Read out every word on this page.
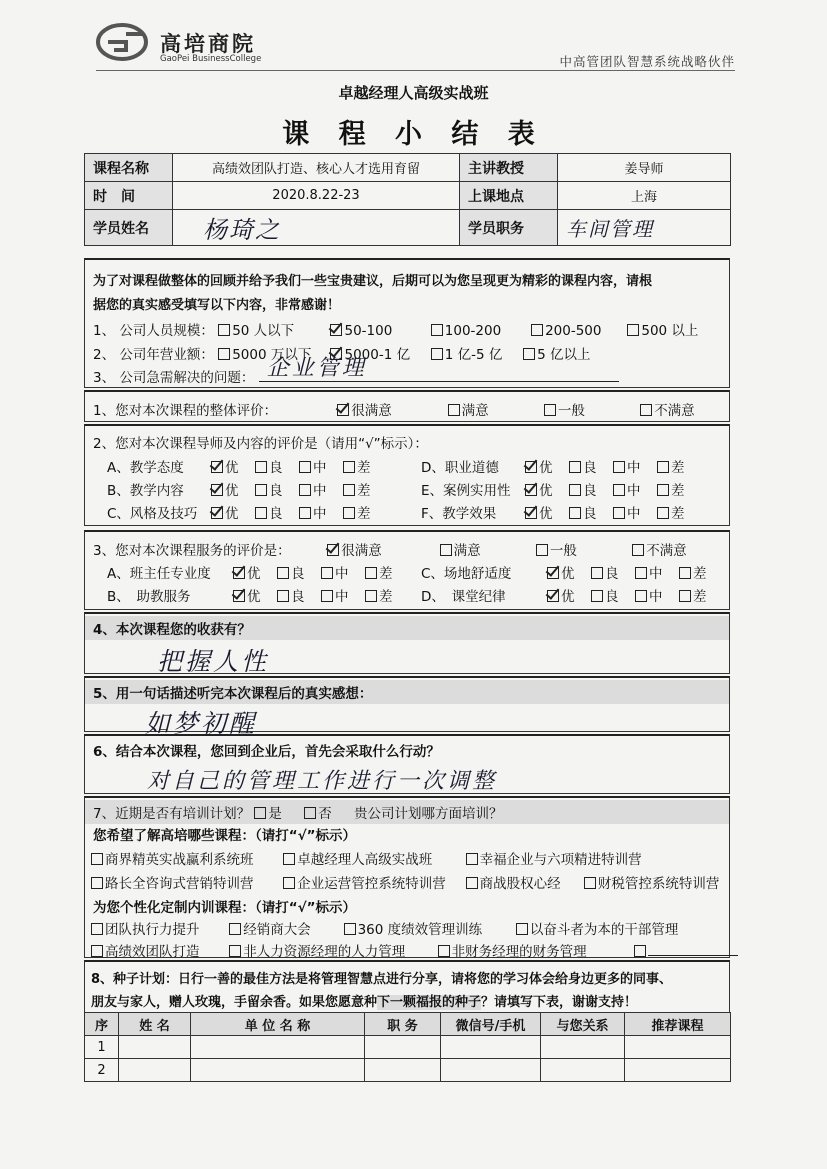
高培商院
GaoPei BusinessCollege	中高管团队智慧系统战略伙伴
卓越经理人高级实战班
课 程 小 结 表
课程名称	高绩效团队打造、核心人才选用育留	主讲教授	姜导师
时　间	2020.8.22-23	上课地点	上海
学员姓名	杨琦之	学员职务	车间管理
为了对课程做整体的回顾并给予我们一些宝贵建议，后期可以为您呈现更为精彩的课程内容，请根
据您的真实感受填写以下内容，非常感谢！
1、 公司人员规模： 50 人以下	50-100	100-200	200-500	500 以上
2、 公司年营业额： 5000 万以下 5000-1 亿	1 亿-5 亿	5 亿以上
3、 公司急需解决的问题： 企业管理
1、您对本次课程的整体评价：	很满意	满意	一般	不满意
2、您对本次课程导师及内容的评价是（请用“√”标示）：
A、教学态度	优 良 中 差	D、职业道德	优 良 中 差
B、教学内容	优 良 中 差	E、案例实用性 优 良 中 差
C、风格及技巧 优 良 中 差	F、教学效果	优 良 中 差
3、您对本次课程服务的评价是：	很满意	满意	一般	不满意
A、班主任专业度	优 良 中 差	C、场地舒适度	优 良 中 差
B、　助教服务	优 良 中 差	D、　课堂纪律	优 良 中 差
4、本次课程您的收获有？
把握人性
5、用一句话描述听完本次课程后的真实感想：
如梦初醒
6、结合本次课程，您回到企业后，首先会采取什么行动？
对自己的管理工作进行一次调整
7、近期是否有培训计划？ 是	否 贵公司计划哪方面培训？
您希望了解高培哪些课程：（请打“√”标示）
商界精英实战赢利系统班	卓越经理人高级实战班	幸福企业与六项精进特训营
路长全咨询式营销特训营	企业运营管控系统特训营	商战股权心经	财税管控系统特训营
为您个性化定制内训课程：（请打“√”标示）
团队执行力提升	经销商大会	360 度绩效管理训练	以奋斗者为本的干部管理
高绩效团队打造	非人力资源经理的人力管理	非财务经理的财务管理
8、种子计划：日行一善的最佳方法是将管理智慧点进行分享，请将您的学习体会给身边更多的同事、
朋友与家人，赠人玫瑰，手留余香。如果您愿意种下一颗福报的种子？请填写下表，谢谢支持！
序	姓 名	单 位 名 称	职 务	微信号/手机	与您关系	推荐课程
1						
2						
